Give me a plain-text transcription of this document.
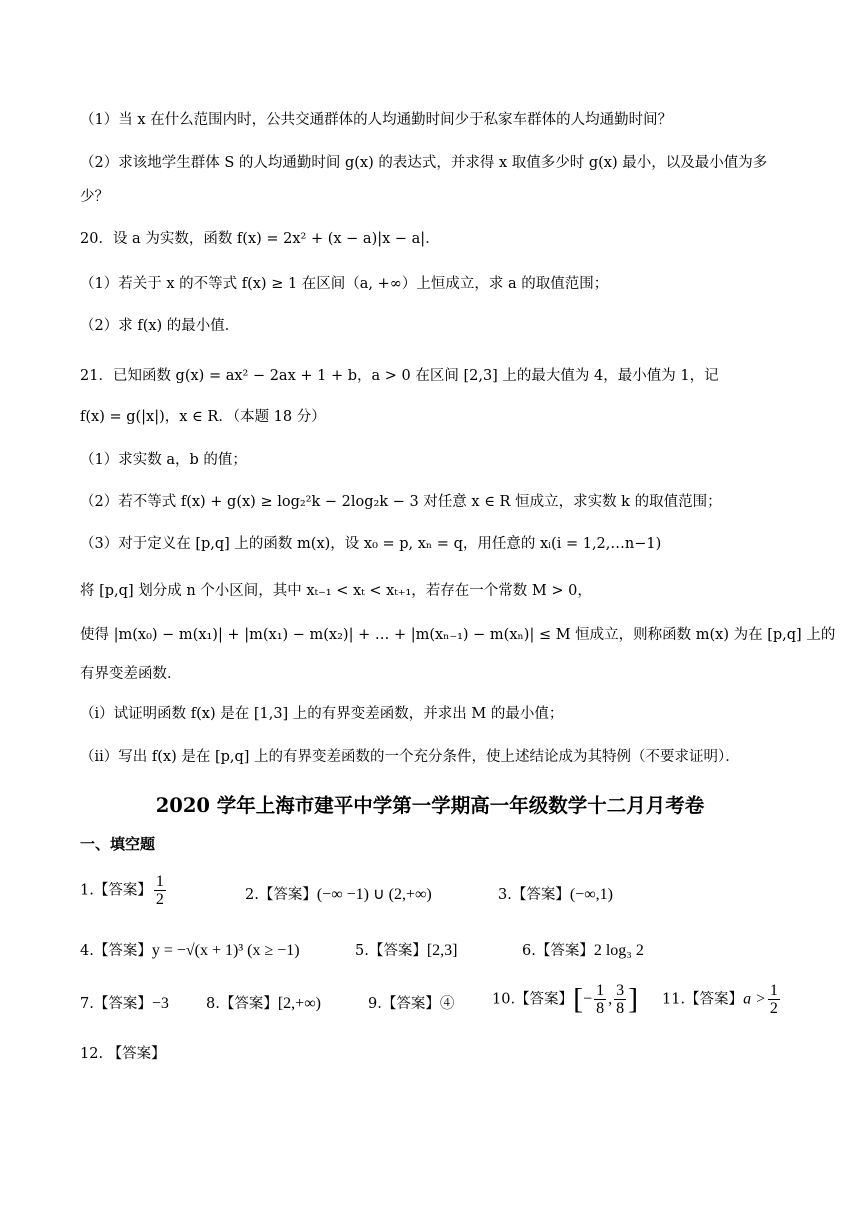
（1）当 x 在什么范围内时，公共交通群体的人均通勤时间少于私家车群体的人均通勤时间？
（2）求该地学生群体 S 的人均通勤时间 g(x) 的表达式，并求得 x 取值多少时 g(x) 最小，以及最小值为多
少？
20．设 a 为实数，函数 f(x) = 2x² + (x − a)|x − a|．
（1）若关于 x 的不等式 f(x) ≥ 1 在区间（a, +∞）上恒成立，求 a 的取值范围；
（2）求 f(x) 的最小值．
21．已知函数 g(x) = ax² − 2ax + 1 + b，a > 0 在区间 [2,3] 上的最大值为 4，最小值为 1，记
f(x) = g(|x|)，x ∈ R．（本题 18 分）
（1）求实数 a，b 的值；
（2）若不等式 f(x) + g(x) ≥ log₂²k − 2log₂k − 3 对任意 x ∈ R 恒成立，求实数 k 的取值范围；
（3）对于定义在 [p,q] 上的函数 m(x)，设 x₀ = p, xₙ = q，用任意的 xᵢ(i = 1,2,…n−1)
将 [p,q] 划分成 n 个小区间，其中 xₜ₋₁ < xₜ < xₜ₊₁，若存在一个常数 M > 0，
使得 |m(x₀) − m(x₁)| + |m(x₁) − m(x₂)| + … + |m(xₙ₋₁) − m(xₙ)| ≤ M 恒成立，则称函数 m(x) 为在 [p,q] 上的
有界变差函数．
（i）试证明函数 f(x) 是在 [1,3] 上的有界变差函数，并求出 M 的最小值；
（ii）写出 f(x) 是在 [p,q] 上的有界变差函数的一个充分条件，使上述结论成为其特例（不要求证明）．
2020 学年上海市建平中学第一学期高一年级数学十二月月考卷
一、填空题
1.【答案】 $\frac{1}{2}$	2.【答案】(−∞ −1) ∪ (2,+∞)	3.【答案】(−∞,1)
4.【答案】y = −√(x + 1)³ (x ≥ −1)	5.【答案】[2,3]	6.【答案】2 log₃ 2
7.【答案】−3	8.【答案】[2,+∞)	9.【答案】④	10.【答案】[− $\frac{1}{8}$ , $\frac{3}{8}$ ] 11.【答案】$a > \frac{1}{2}$
12. 【答案】
